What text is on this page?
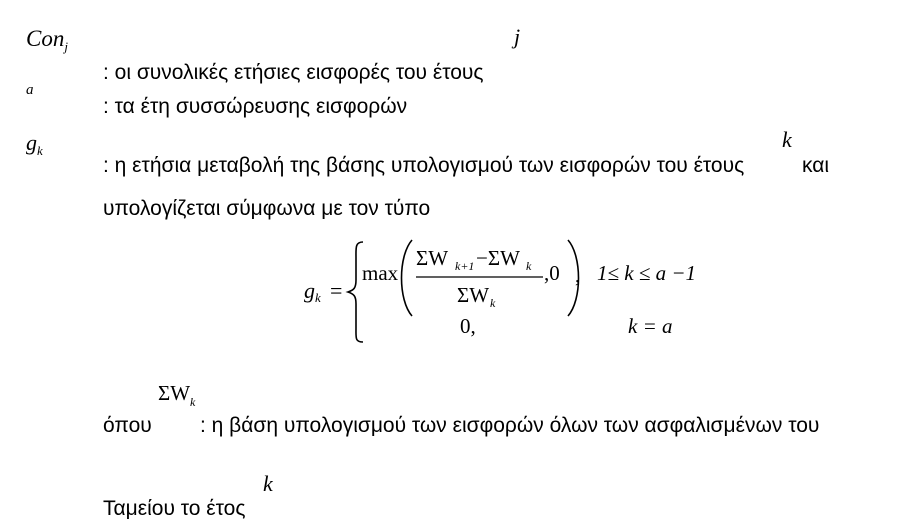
Con$_j$	j
: οι συνολικές ετήσιες εισφορές του έτους
a
: τα έτη συσσώρευσης εισφορών
$g_k$	k
: η ετήσια μεταβολή της βάσης υπολογισμού των εισφορών του έτους	και
υπολογίζεται σύμφωνα με τον τύπο
g k =
max
ΣW k+1 −ΣW k
ΣW k
,0 , 1≤ k ≤ a −1
0,	k = a
$\Sigma W_k$
όπου : η βάση υπολογισμού των εισφορών όλων των ασφαλισμένων του
k
Ταμείου το έτος
